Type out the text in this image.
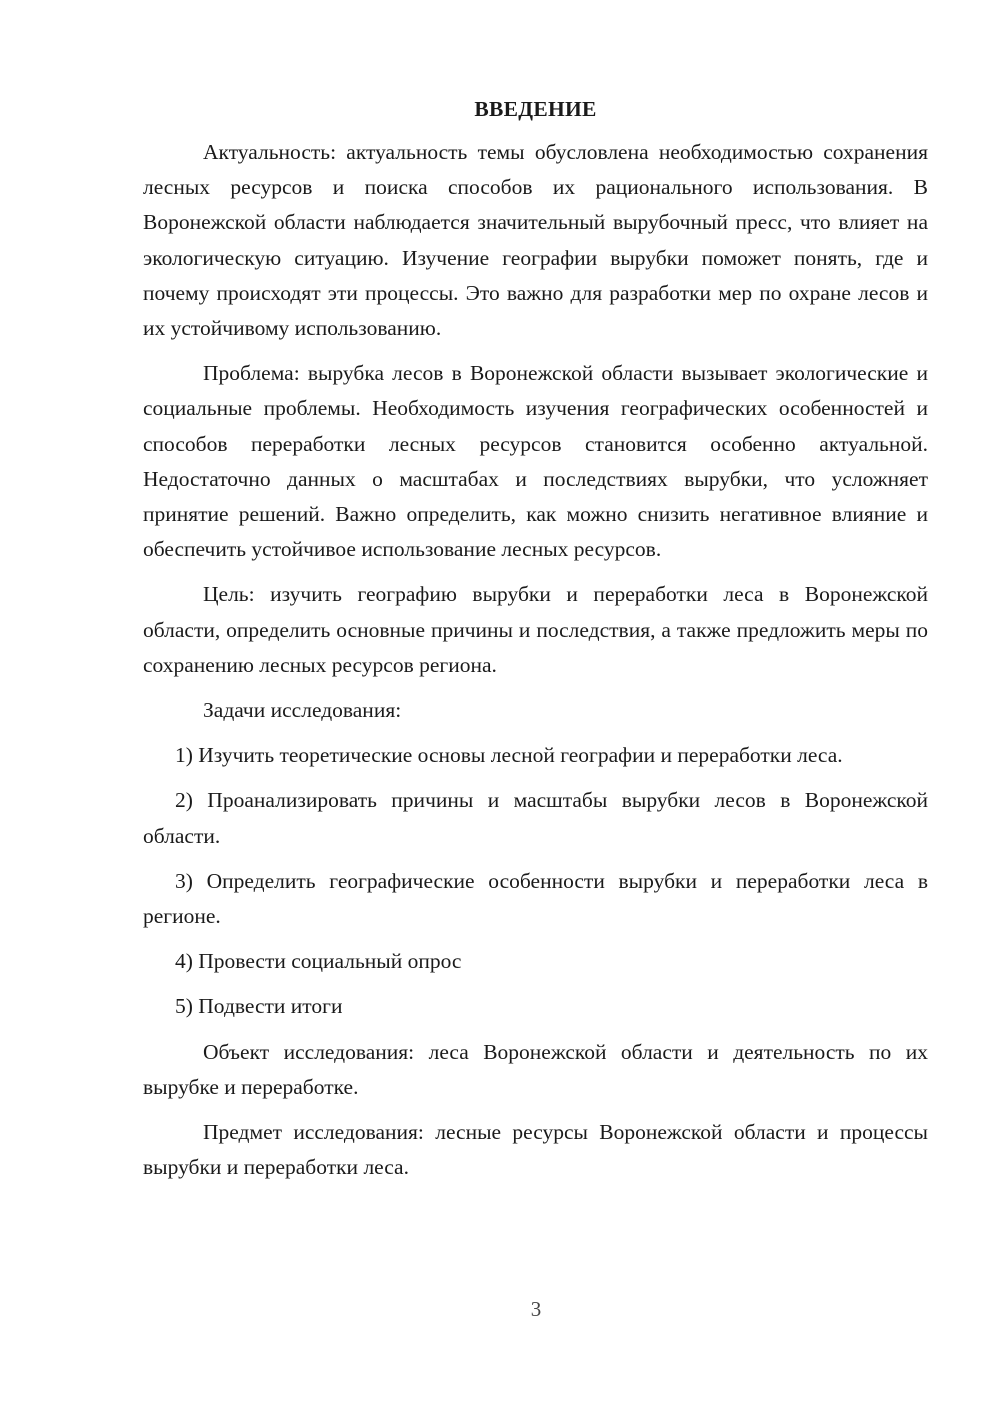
ВВЕДЕНИЕ

Актуальность: актуальность темы обусловлена необходимостью сохранения лесных ресурсов и поиска способов их рационального использования. В Воронежской области наблюдается значительный вырубочный пресс, что влияет на экологическую ситуацию. Изучение географии вырубки поможет понять, где и почему происходят эти процессы. Это важно для разработки мер по охране лесов и их устойчивому использованию.

Проблема: вырубка лесов в Воронежской области вызывает экологические и социальные проблемы. Необходимость изучения географических особенностей и способов переработки лесных ресурсов становится особенно актуальной. Недостаточно данных о масштабах и последствиях вырубки, что усложняет принятие решений. Важно определить, как можно снизить негативное влияние и обеспечить устойчивое использование лесных ресурсов.

Цель: изучить географию вырубки и переработки леса в Воронежской области, определить основные причины и последствия, а также предложить меры по сохранению лесных ресурсов региона.

Задачи исследования:

1) Изучить теоретические основы лесной географии и переработки леса.

2) Проанализировать причины и масштабы вырубки лесов в Воронежской области.

3) Определить географические особенности вырубки и переработки леса в регионе.

4) Провести социальный опрос

5) Подвести итоги

Объект исследования: леса Воронежской области и деятельность по их вырубке и переработке.

Предмет исследования: лесные ресурсы Воронежской области и процессы вырубки и переработки леса.

3
